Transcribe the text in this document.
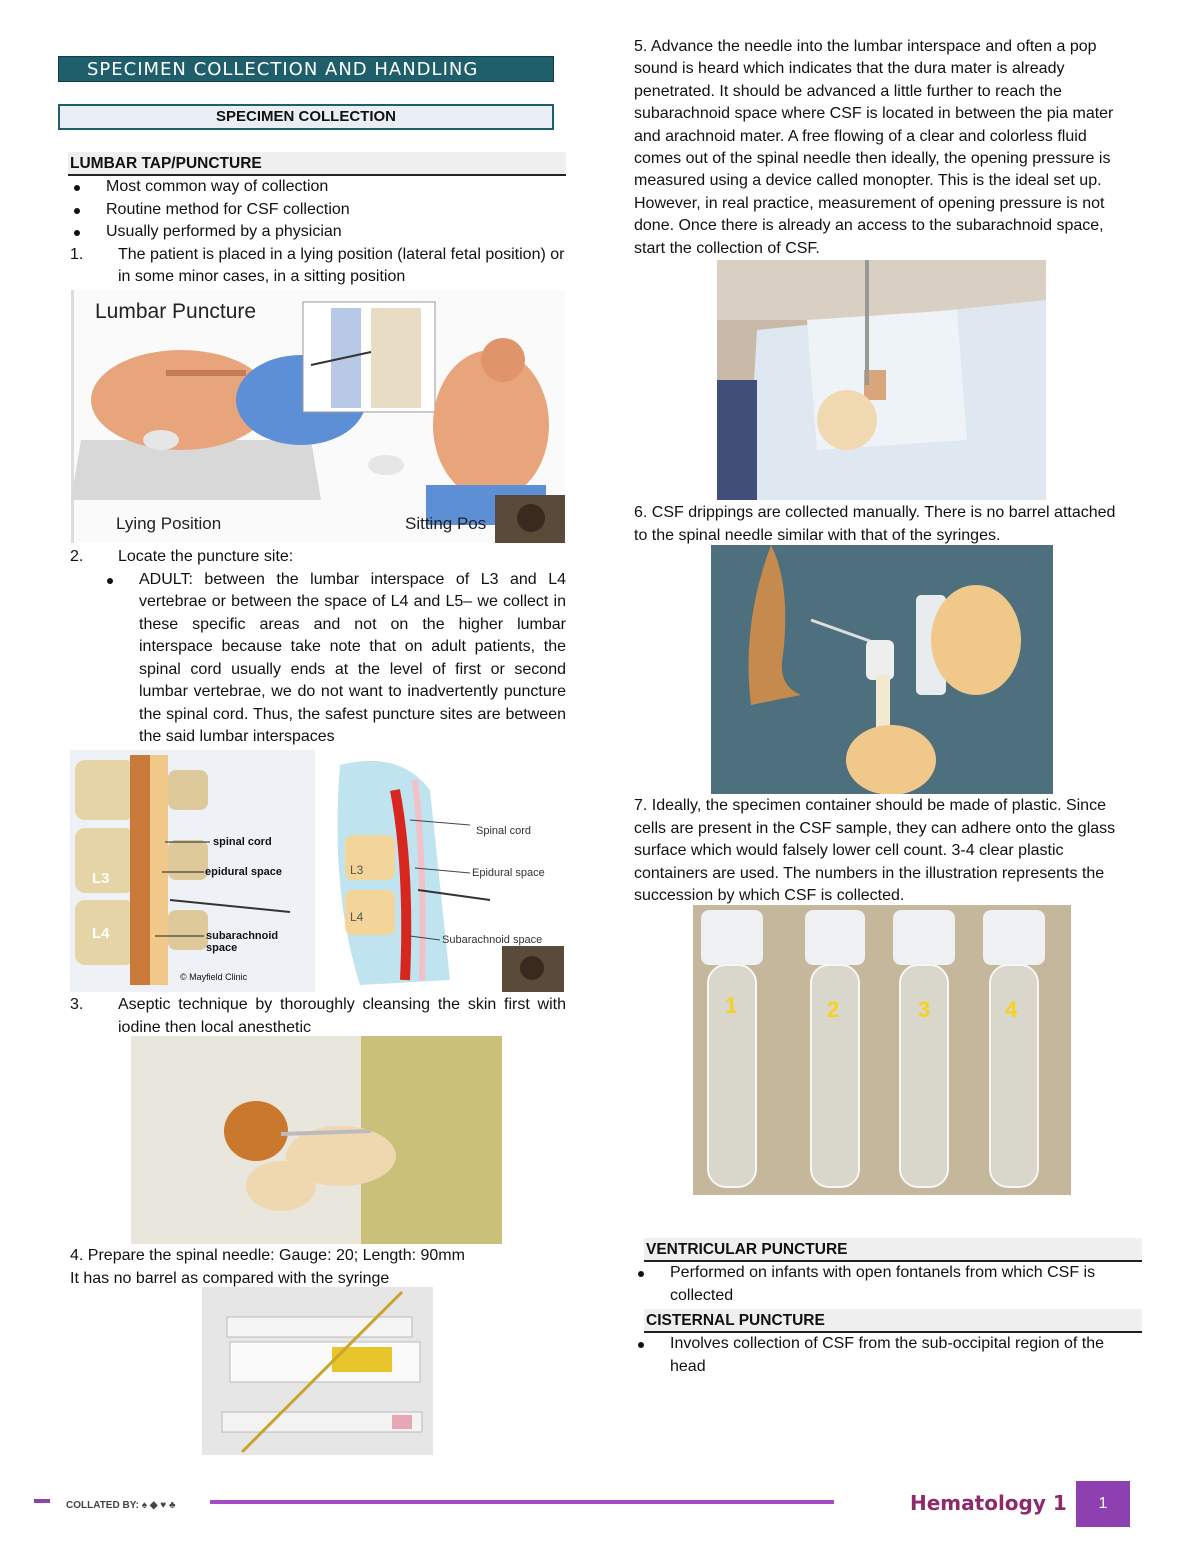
SPECIMEN COLLECTION AND HANDLING
SPECIMEN COLLECTION
LUMBAR TAP/PUNCTURE
Most common way of collection
Routine method for CSF collection
Usually performed by a physician
1. The patient is placed in a lying position (lateral fetal position) or in some minor cases, in a sitting position
Lumbar Puncture
Lying Position	Sitting Pos
2. Locate the puncture site:
ADULT: between the lumbar interspace of L3 and L4 vertebrae or between the space of L4 and L5– we collect in these specific areas and not on the higher lumbar interspace because take note that on adult patients, the spinal cord usually ends at the level of first or second lumbar vertebrae, we do not want to inadvertently puncture the spinal cord. Thus, the safest puncture sites are between the said lumbar interspaces
L3
L4
spinal cord
epidural space
subarachnoid space
© Mayfield Clinic
Spinal cord
Epidural space
Subarachnoid space
L3
L4
3. Aseptic technique by thoroughly cleansing the skin first with iodine then local anesthetic
4. Prepare the spinal needle: Gauge: 20; Length: 90mm
It has no barrel as compared with the syringe
5. Advance the needle into the lumbar interspace and often a pop sound is heard which indicates that the dura mater is already penetrated. It should be advanced a little further to reach the subarachnoid space where CSF is located in between the pia mater and arachnoid mater. A free flowing of a clear and colorless fluid comes out of the spinal needle then ideally, the opening pressure is measured using a device called monopter. This is the ideal set up. However, in real practice, measurement of opening pressure is not done. Once there is already an access to the subarachnoid space, start the collection of CSF.
6. CSF drippings are collected manually. There is no barrel attached to the spinal needle similar with that of the syringes.
7. Ideally, the specimen container should be made of plastic. Since cells are present in the CSF sample, they can adhere onto the glass surface which would falsely lower cell count. 3-4 clear plastic containers are used. The numbers in the illustration represents the succession by which CSF is collected.
1	2	3	4
VENTRICULAR PUNCTURE
Performed on infants with open fontanels from which CSF is collected
CISTERNAL PUNCTURE
Involves collection of CSF from the sub-occipital region of the head
COLLATED BY: ♠ ◆ ♥ ♣	Hematology 1	1
